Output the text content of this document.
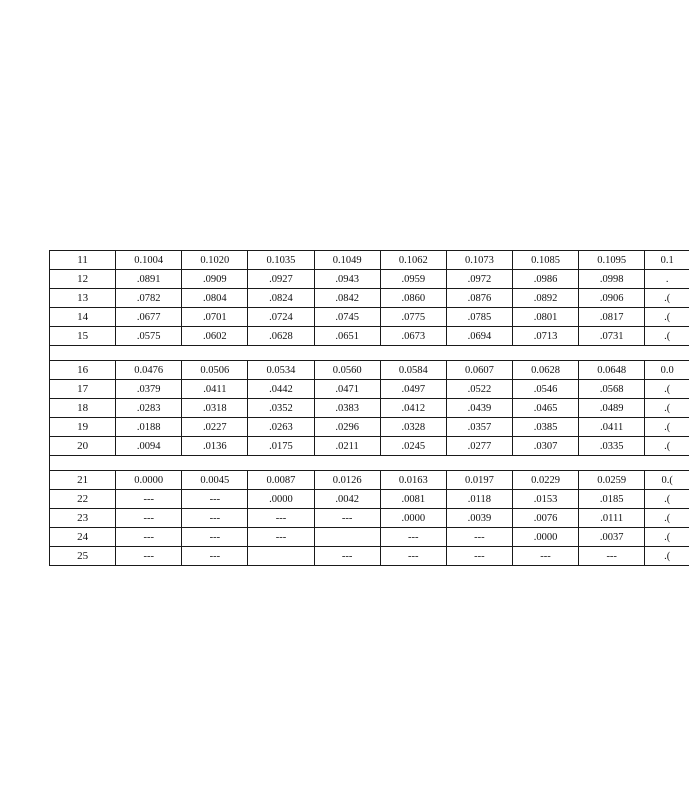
11	0.1004	0.1020	0.1035	0.1049	0.1062	0.1073	0.1085	0.1095	0.1
12	.0891	.0909	.0927	.0943	.0959	.0972	.0986	.0998	.
13	.0782	.0804	.0824	.0842	.0860	.0876	.0892	.0906	.(
14	.0677	.0701	.0724	.0745	.0775	.0785	.0801	.0817	.(
15	.0575	.0602	.0628	.0651	.0673	.0694	.0713	.0731	.(

16	0.0476	0.0506	0.0534	0.0560	0.0584	0.0607	0.0628	0.0648	0.0
17	.0379	.0411	.0442	.0471	.0497	.0522	.0546	.0568	.(
18	.0283	.0318	.0352	.0383	.0412	.0439	.0465	.0489	.(
19	.0188	.0227	.0263	.0296	.0328	.0357	.0385	.0411	.(
20	.0094	.0136	.0175	.0211	.0245	.0277	.0307	.0335	.(

21	0.0000	0.0045	0.0087	0.0126	0.0163	0.0197	0.0229	0.0259	0.(
22	---	---	.0000	.0042	.0081	.0118	.0153	.0185	.(
23	---	---	---	---	.0000	.0039	.0076	.0111	.(
24	---	---	---		---	---	.0000	.0037	.(
25	---	---		---	---	---	---	---	.(
